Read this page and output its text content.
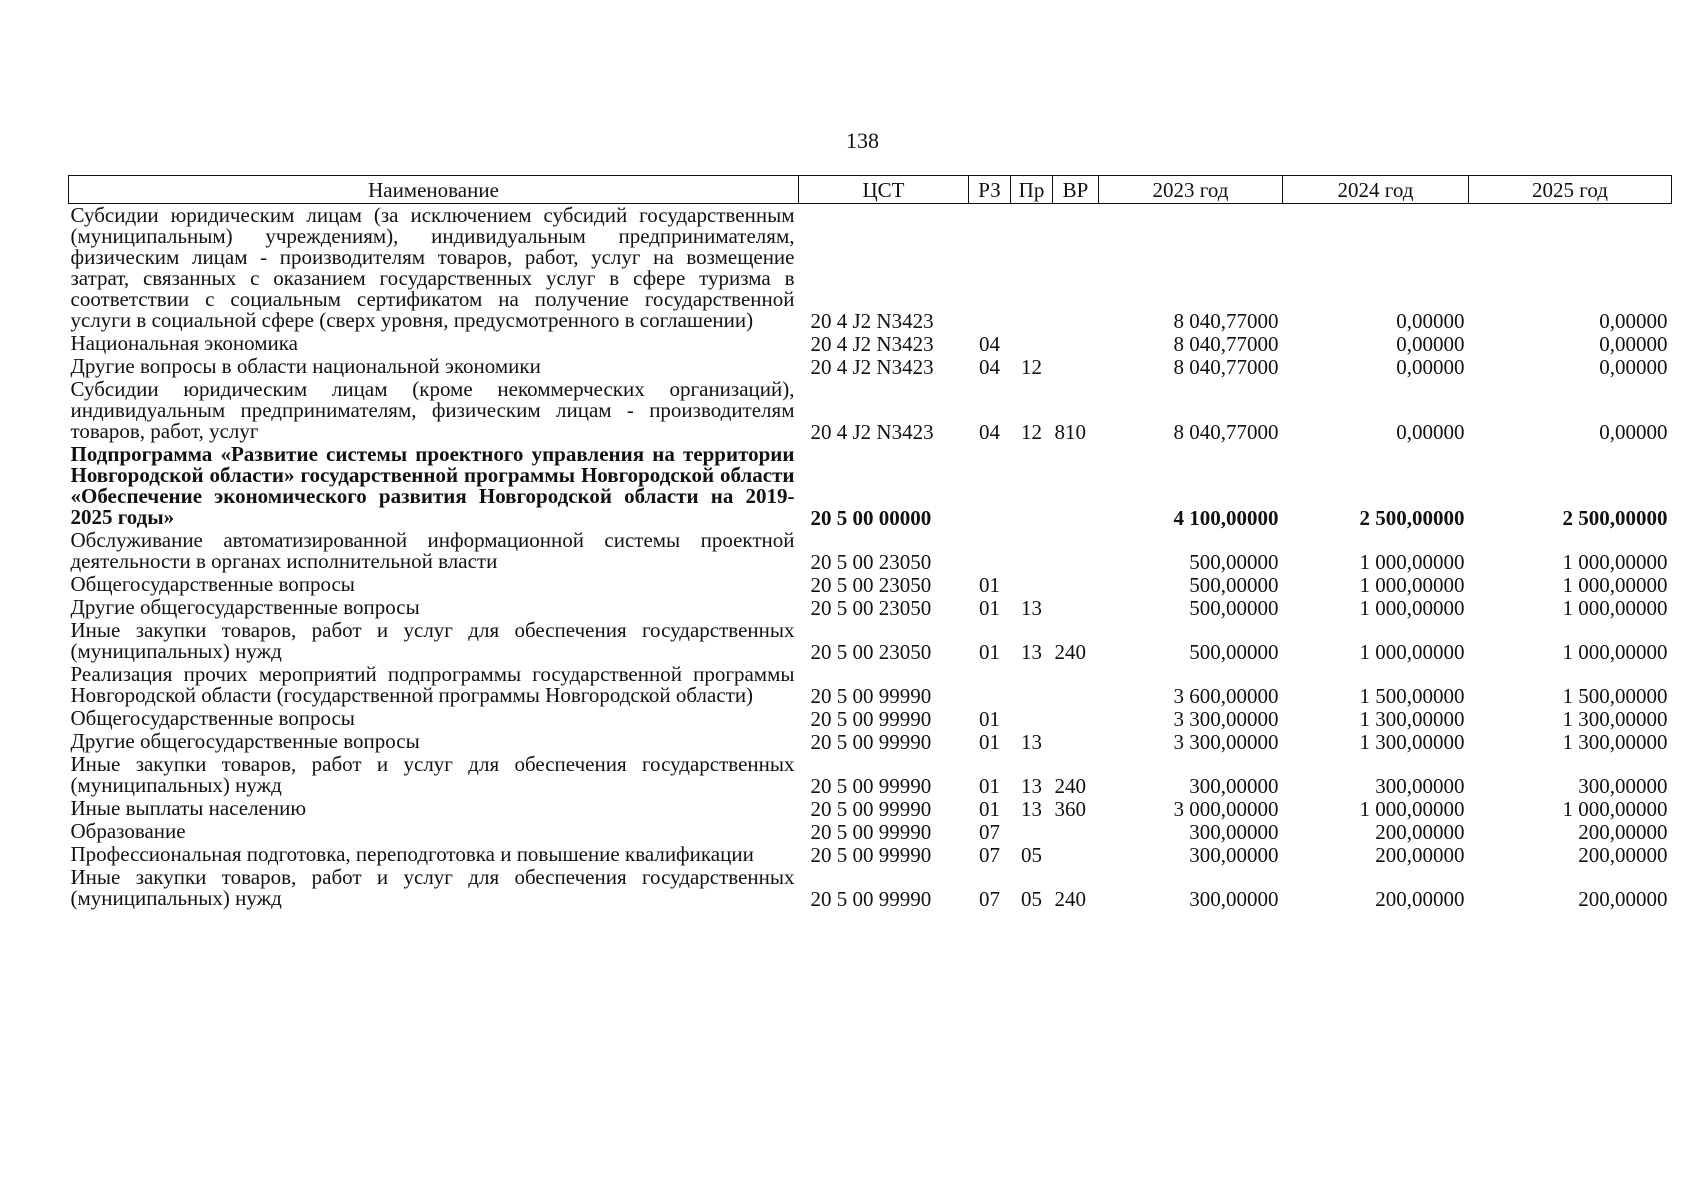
138
Наименование	ЦСТ	РЗ	Пр	ВР	2023 год	2024 год	2025 год
Субсидии юридическим лицам (за исключением субсидий государственным (муниципальным) учреждениям), индивидуальным предпринимателям, физическим лицам - производителям товаров, работ, услуг на возмещение затрат, связанных с оказанием государственных услуг в сфере туризма в соответствии с социальным сертификатом на получение государственной услуги в социальной сфере (сверх уровня, предусмотренного в соглашении)	20 4 J2 N3423				8 040,77000	0,00000	0,00000
Национальная экономика	20 4 J2 N3423	04			8 040,77000	0,00000	0,00000
Другие вопросы в области национальной экономики	20 4 J2 N3423	04	12		8 040,77000	0,00000	0,00000
Субсидии юридическим лицам (кроме некоммерческих организаций), индивидуальным предпринимателям, физическим лицам - производителям товаров, работ, услуг	20 4 J2 N3423	04	12	810	8 040,77000	0,00000	0,00000
Подпрограмма «Развитие системы проектного управления на территории Новгородской области» государственной программы Новгородской области «Обеспечение экономического развития Новгородской области на 2019-2025 годы»	20 5 00 00000				4 100,00000	2 500,00000	2 500,00000
Обслуживание автоматизированной информационной системы проектной деятельности в органах исполнительной власти	20 5 00 23050				500,00000	1 000,00000	1 000,00000
Общегосударственные вопросы	20 5 00 23050	01			500,00000	1 000,00000	1 000,00000
Другие общегосударственные вопросы	20 5 00 23050	01	13		500,00000	1 000,00000	1 000,00000
Иные закупки товаров, работ и услуг для обеспечения государственных (муниципальных) нужд	20 5 00 23050	01	13	240	500,00000	1 000,00000	1 000,00000
Реализация прочих мероприятий подпрограммы государственной программы Новгородской области (государственной программы Новгородской области)	20 5 00 99990				3 600,00000	1 500,00000	1 500,00000
Общегосударственные вопросы	20 5 00 99990	01			3 300,00000	1 300,00000	1 300,00000
Другие общегосударственные вопросы	20 5 00 99990	01	13		3 300,00000	1 300,00000	1 300,00000
Иные закупки товаров, работ и услуг для обеспечения государственных (муниципальных) нужд	20 5 00 99990	01	13	240	300,00000	300,00000	300,00000
Иные выплаты населению	20 5 00 99990	01	13	360	3 000,00000	1 000,00000	1 000,00000
Образование	20 5 00 99990	07			300,00000	200,00000	200,00000
Профессиональная подготовка, переподготовка и повышение квалификации	20 5 00 99990	07	05		300,00000	200,00000	200,00000
Иные закупки товаров, работ и услуг для обеспечения государственных (муниципальных) нужд	20 5 00 99990	07	05	240	300,00000	200,00000	200,00000
